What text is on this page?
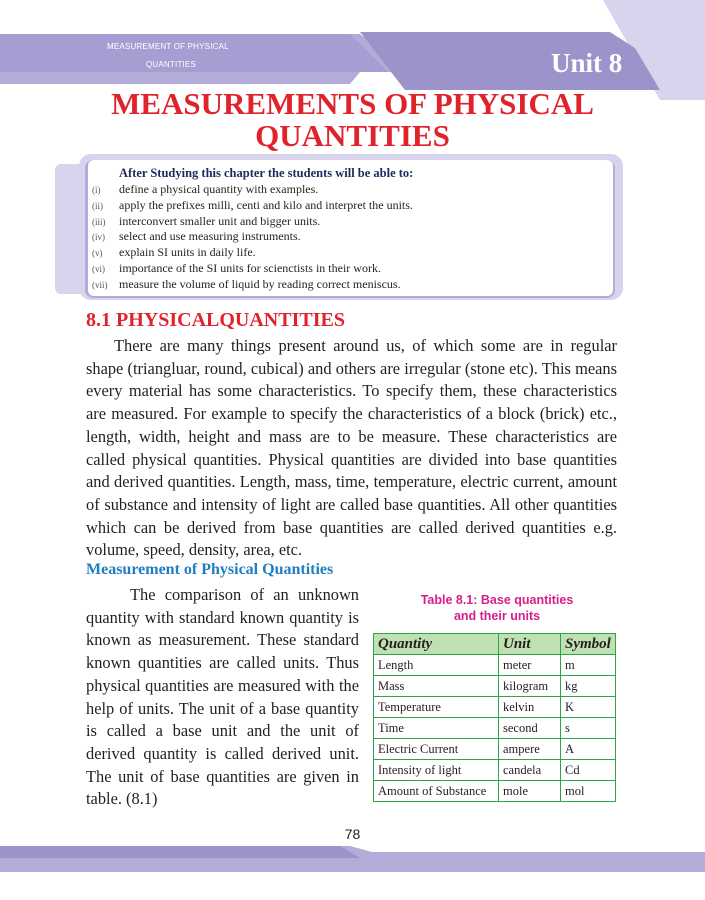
MEASUREMENT OF PHYSICAL
QUANTITIES	Unit 8
MEASUREMENTS OF PHYSICAL
QUANTITIES
After Studying this chapter the students will be able to:
(i) define a physical quantity with examples.
(ii) apply the prefixes milli, centi and kilo and interpret the units.
(iii) interconvert smaller unit and bigger units.
(iv) select and use measuring instruments.
(v) explain SI units in daily life.
(vi) importance of the SI units for scienctists in their work.
(vii) measure the volume of liquid by reading correct meniscus.
8.1 PHYSICALQUANTITIES

There are many things present around us, of which some are in regular shape (triangluar, round, cubical) and others are irregular (stone etc). This means every material has some characteristics. To specify them, these characteristics are measured. For example to specify the characteristics of a block (brick) etc., length, width, height and mass are to be measure. These characteristics are called physical quantities. Physical quantities are divided into base quantities and derived quantities. Length, mass, time, temperature, electric current, amount of substance and intensity of light are called base quantities. All other quantities which can be derived from base quantities are called derived quantities e.g. volume, speed, density, area, etc.

Measurement of Physical Quantities

The comparison of an unknown quantity with standard known quantity is known as measurement. These standard known quantities are called units. Thus physical quantities are measured with the help of units. The unit of a base quantity is called a base unit and the unit of derived quantity is called derived unit. The unit of base quantities are given in table. (8.1)

Table 8.1: Base quantities
and their units
Quantity	Unit	Symbol
Length	meter	m
Mass	kilogram	kg
Temperature	kelvin	K
Time	second	s
Electric Current	ampere	A
Intensity of light	candela	Cd
Amount of Substance	mole	mol
78
